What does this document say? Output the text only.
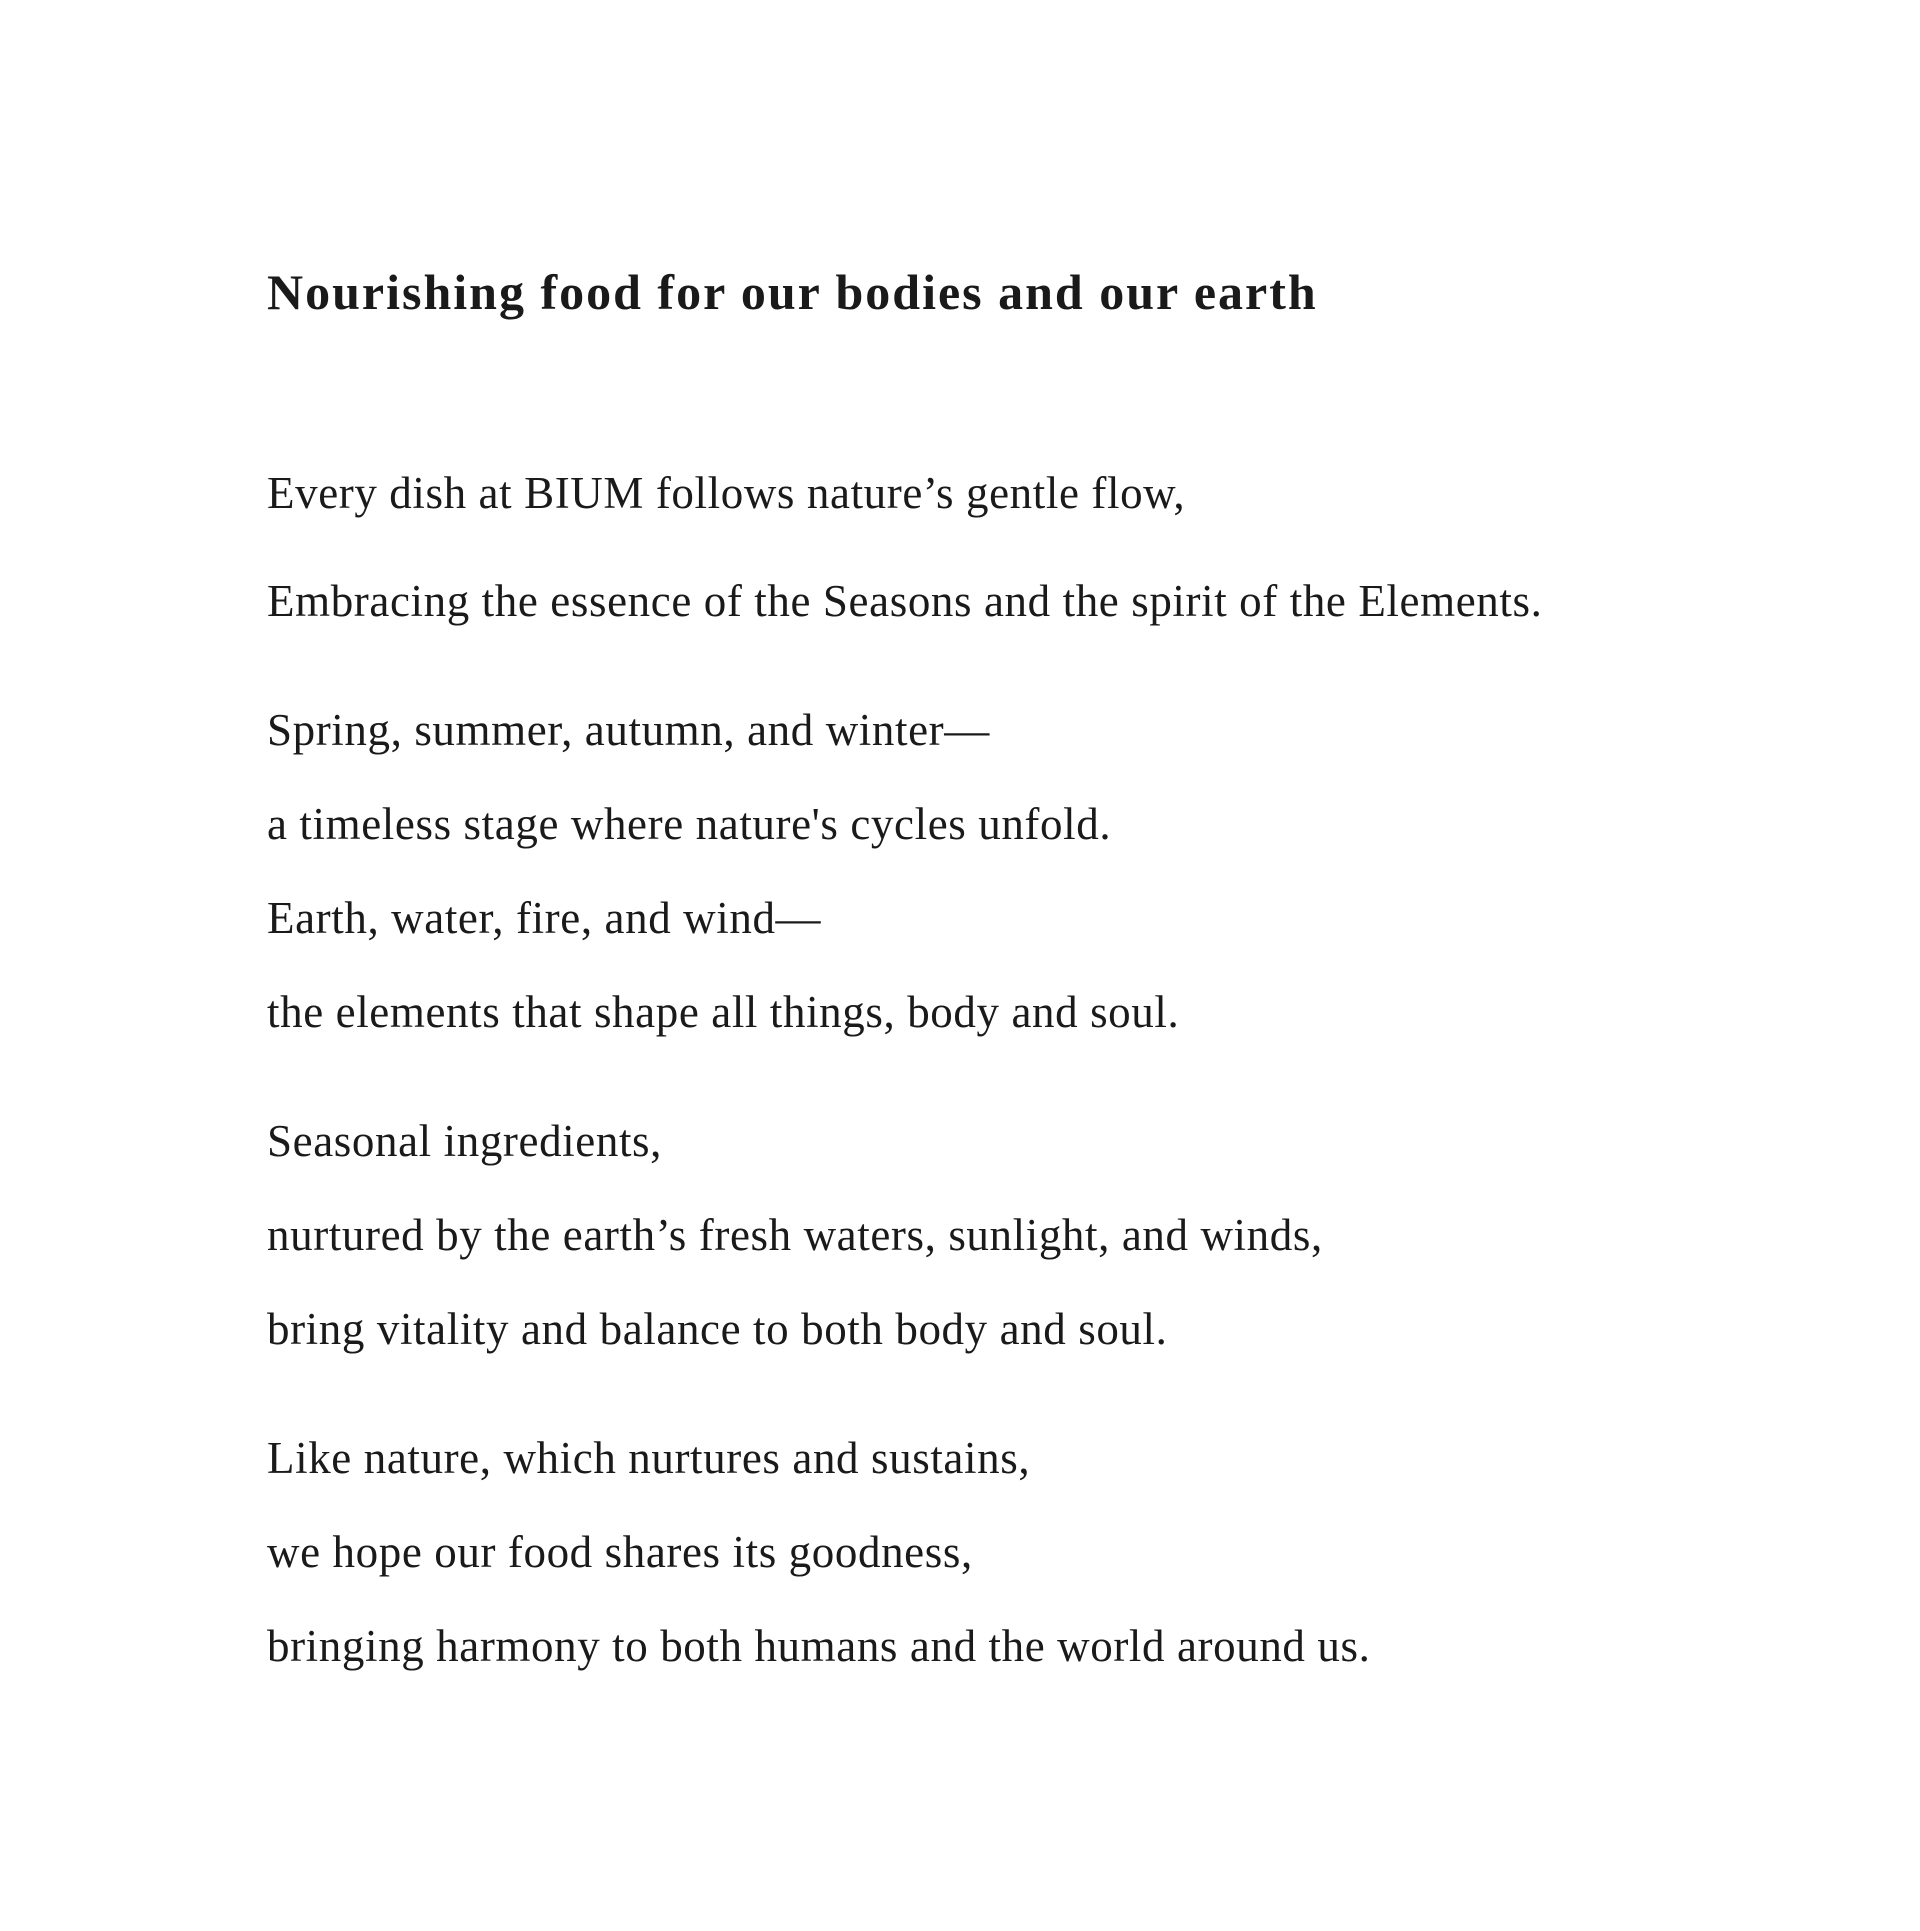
Nourishing food for our bodies and our earth

Every dish at BIUM follows nature’s gentle flow,

Embracing the essence of the Seasons and the spirit of the Elements.

Spring, summer, autumn, and winter—

a timeless stage where nature's cycles unfold.

Earth, water, fire, and wind—

the elements that shape all things, body and soul.

Seasonal ingredients,

nurtured by the earth’s fresh waters, sunlight, and winds,

bring vitality and balance to both body and soul.

Like nature, which nurtures and sustains,

we hope our food shares its goodness,

bringing harmony to both humans and the world around us.
